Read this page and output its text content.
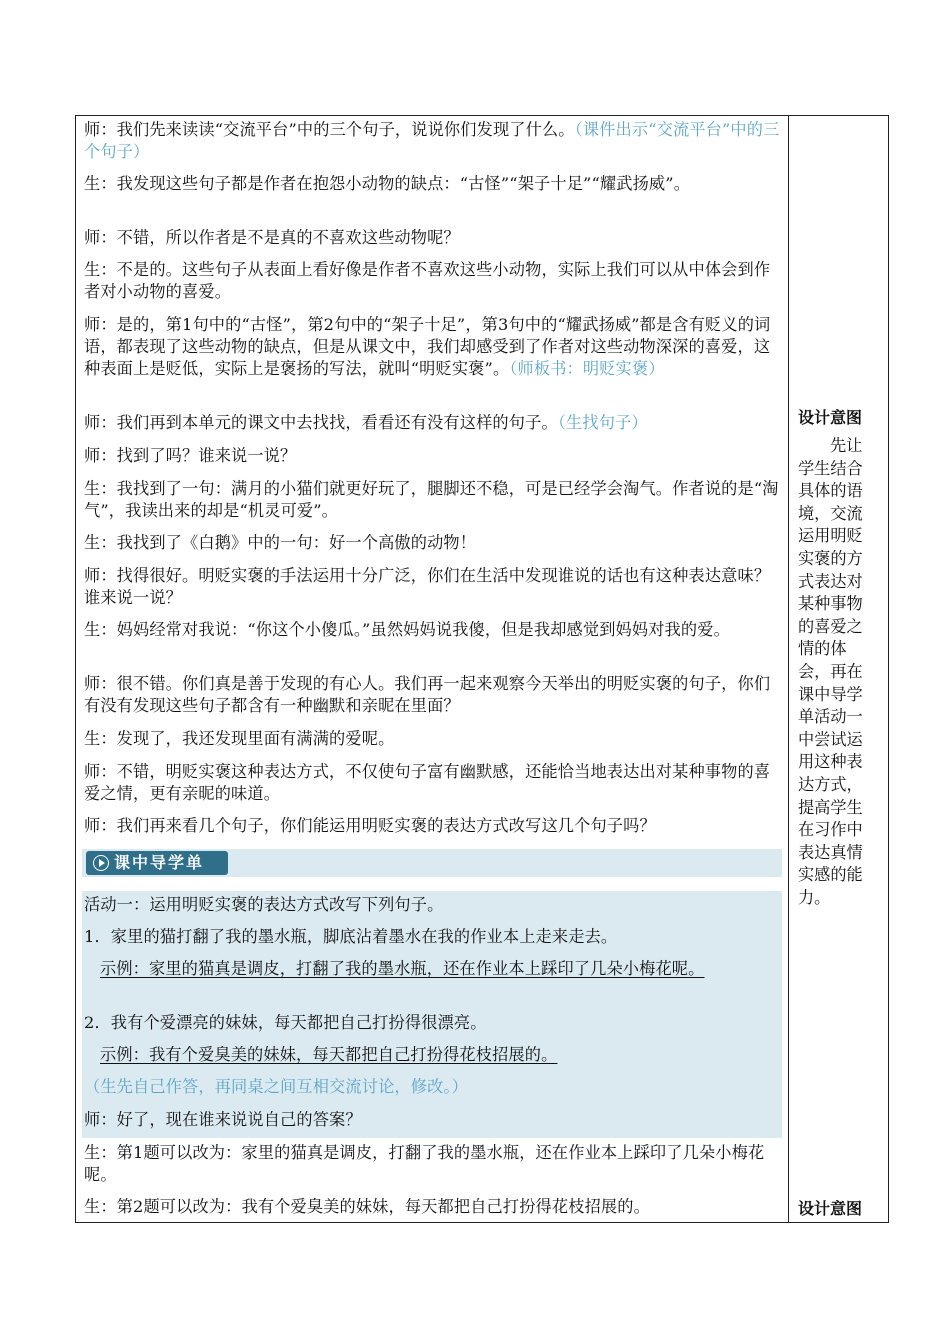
师：我们先来读读“交流平台”中的三个句子，说说你们发现了什么。（课件出示“交流平台”中的三个句子）
生：我发现这些句子都是作者在抱怨小动物的缺点：“古怪”“架子十足”“耀武扬威”。
师：不错，所以作者是不是真的不喜欢这些动物呢？
生：不是的。这些句子从表面上看好像是作者不喜欢这些小动物，实际上我们可以从中体会到作者对小动物的喜爱。
师：是的，第1句中的“古怪”，第2句中的“架子十足”，第3句中的“耀武扬威”都是含有贬义的词语，都表现了这些动物的缺点，但是从课文中，我们却感受到了作者对这些动物深深的喜爱，这种表面上是贬低，实际上是褒扬的写法，就叫“明贬实褒”。（师板书：明贬实褒）
师：我们再到本单元的课文中去找找，看看还有没有这样的句子。（生找句子）
师：找到了吗？谁来说一说？
生：我找到了一句：满月的小猫们就更好玩了，腿脚还不稳，可是已经学会淘气。作者说的是“淘气”，我读出来的却是“机灵可爱”。
生：我找到了《白鹅》中的一句：好一个高傲的动物！
师：找得很好。明贬实褒的手法运用十分广泛，你们在生活中发现谁说的话也有这种表达意味？谁来说一说？
生：妈妈经常对我说：“你这个小傻瓜。”虽然妈妈说我傻，但是我却感觉到妈妈对我的爱。
师：很不错。你们真是善于发现的有心人。我们再一起来观察今天举出的明贬实褒的句子，你们有没有发现这些句子都含有一种幽默和亲昵在里面？
生：发现了，我还发现里面有满满的爱呢。
师：不错，明贬实褒这种表达方式，不仅使句子富有幽默感，还能恰当地表达出对某种事物的喜爱之情，更有亲昵的味道。
师：我们再来看几个句子，你们能运用明贬实褒的表达方式改写这几个句子吗？
课中导学单
活动一：运用明贬实褒的表达方式改写下列句子。
1．家里的猫打翻了我的墨水瓶，脚底沾着墨水在我的作业本上走来走去。
示例：家里的猫真是调皮，打翻了我的墨水瓶，还在作业本上踩印了几朵小梅花呢。
2．我有个爱漂亮的妹妹，每天都把自己打扮得很漂亮。
示例：我有个爱臭美的妹妹，每天都把自己打扮得花枝招展的。
（生先自己作答，再同桌之间互相交流讨论，修改。）
师：好了，现在谁来说说自己的答案？
生：第1题可以改为：家里的猫真是调皮，打翻了我的墨水瓶，还在作业本上踩印了几朵小梅花呢。
生：第2题可以改为：我有个爱臭美的妹妹，每天都把自己打扮得花枝招展的。
设计意图
先让学生结合具体的语境，交流运用明贬实褒的方式表达对某种事物的喜爱之情的体会，再在课中导学单活动一中尝试运用这种表达方式，提高学生在习作中表达真情实感的能力。
设计意图
